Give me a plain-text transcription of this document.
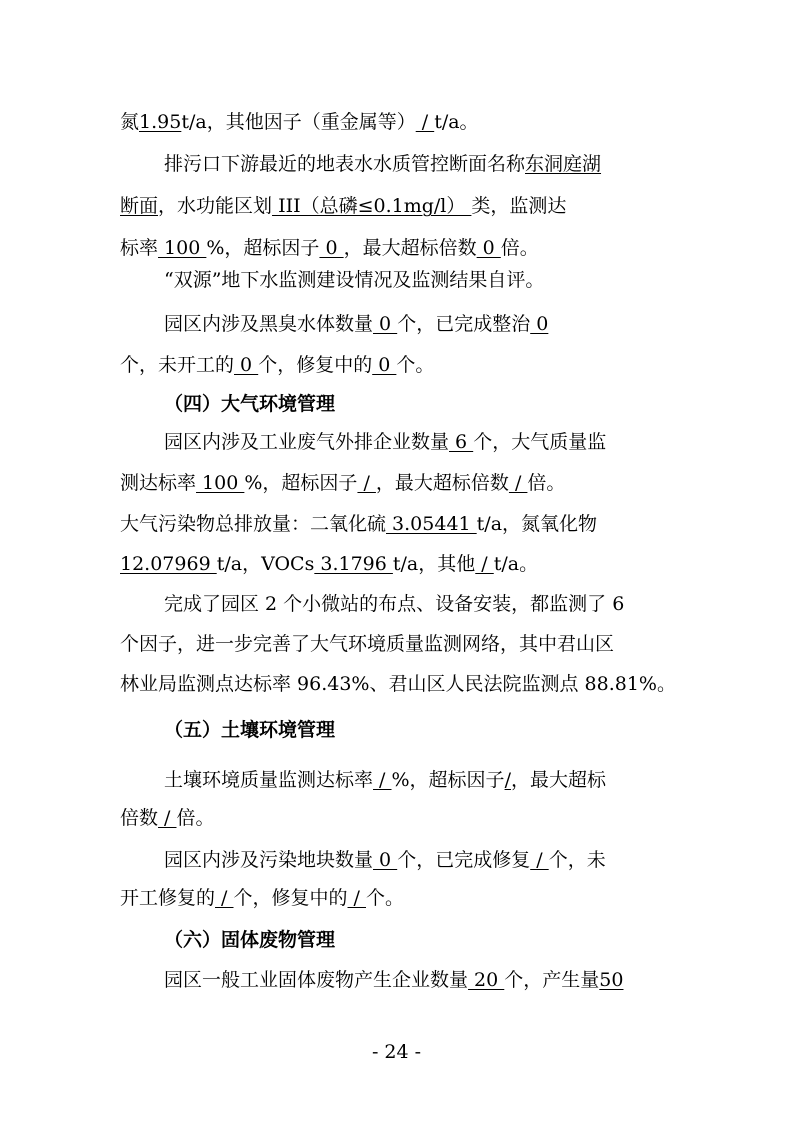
氮1.95t/a，其他因子（重金属等） / t/a。
排污口下游最近的地表水水质管控断面名称东洞庭湖
断面，水功能区划 III（总磷≤0.1mg/l） 类，监测达
标率 100 %，超标因子 0 ，最大超标倍数 0 倍。
“双源”地下水监测建设情况及监测结果自评。
园区内涉及黑臭水体数量 0 个，已完成整治 0
个，未开工的 0 个，修复中的 0 个。
（四）大气环境管理
园区内涉及工业废气外排企业数量 6 个，大气质量监
测达标率 100 %，超标因子 / ，最大超标倍数 / 倍。
大气污染物总排放量：二氧化硫 3.05441 t/a，氮氧化物
12.07969 t/a，VOCs 3.1796 t/a，其他 / t/a。
完成了园区 2 个小微站的布点、设备安装，都监测了 6
个因子，进一步完善了大气环境质量监测网络，其中君山区
林业局监测点达标率 96.43%、君山区人民法院监测点 88.81%。
（五）土壤环境管理
土壤环境质量监测达标率 / %，超标因子/，最大超标
倍数 / 倍。
园区内涉及污染地块数量 0 个，已完成修复 / 个，未
开工修复的 / 个，修复中的 / 个。
（六）固体废物管理
园区一般工业固体废物产生企业数量 20 个，产生量50
- 24 -
